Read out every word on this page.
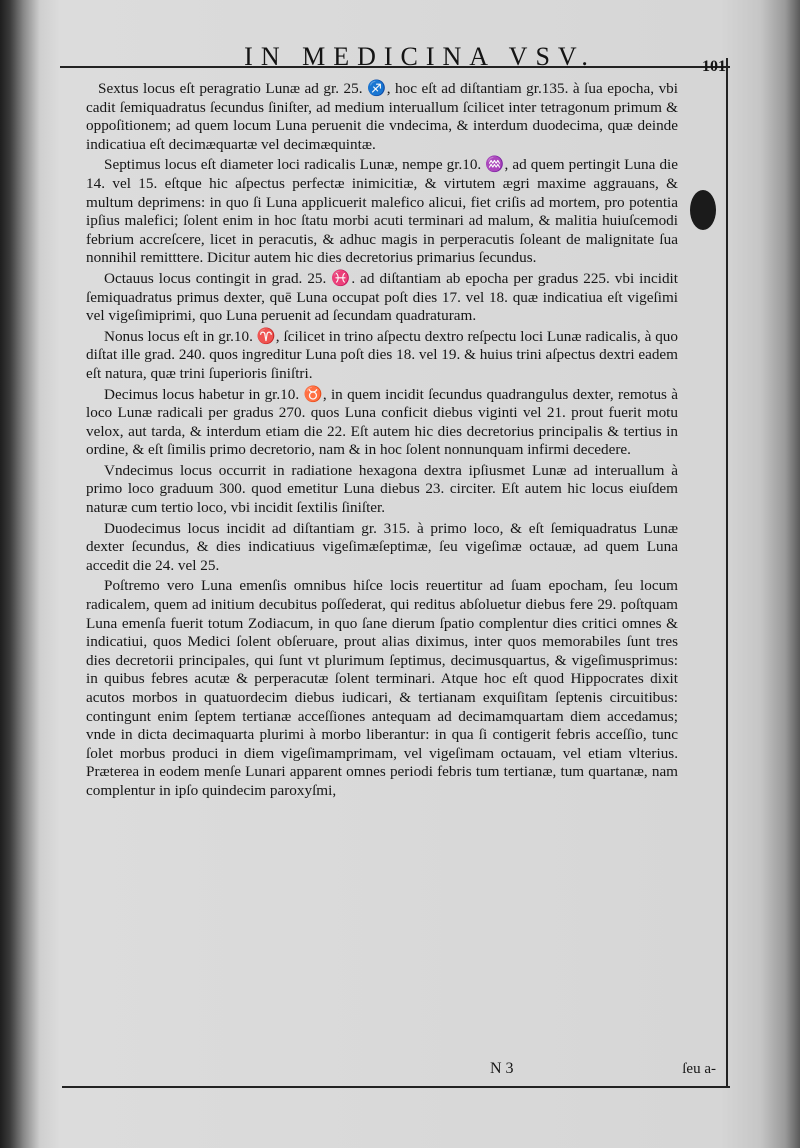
IN MEDICINA VSV.	101

Sextus locus eſt peragratio Lunæ ad gr. 25. ♐, hoc eſt ad diſtantiam gr.135. à ſua epocha, vbi cadit ſemiquadratus ſecundus ſiniſter, ad medium interuallum ſcilicet inter tetragonum primum & oppoſitionem; ad quem locum Luna peruenit die vndecima, & interdum duodecima, quæ deinde indicatiua eſt decimæquartæ vel decimæquintæ.

Septimus locus eſt diameter loci radicalis Lunæ, nempe gr.10. ♒, ad quem pertingit Luna die 14. vel 15. eſtque hic aſpectus perfectæ inimicitiæ, & virtutem ægri maxime aggrauans, & multum deprimens: in quo ſi Luna applicuerit malefico alicui, fiet criſis ad mortem, pro potentia ipſius malefici; ſolent enim in hoc ſtatu morbi acuti terminari ad malum, & malitia huiuſcemodi febrium accreſcere, licet in peracutis, & adhuc magis in perperacutis ſoleant de malignitate ſua nonnihil remitttere. Dicitur autem hic dies decretorius primarius ſecundus.

Octauus locus contingit in grad. 25. ♓. ad diſtantiam ab epocha per gradus 225. vbi incidit ſemiquadratus primus dexter, quē Luna occupat poſt dies 17. vel 18. quæ indicatiua eſt vigeſimi vel vigeſimiprimi, quo Luna peruenit ad ſecundam quadraturam.

Nonus locus eſt in gr.10. ♈, ſcilicet in trino aſpectu dextro reſpectu loci Lunæ radicalis, à quo diſtat ille grad. 240. quos ingreditur Luna poſt dies 18. vel 19. & huius trini aſpectus dextri eadem eſt natura, quæ trini ſuperioris ſiniſtri.

Decimus locus habetur in gr.10. ♉, in quem incidit ſecundus quadrangulus dexter, remotus à loco Lunæ radicali per gradus 270. quos Luna conficit diebus viginti vel 21. prout fuerit motu velox, aut tarda, & interdum etiam die 22. Eſt autem hic dies decretorius principalis & tertius in ordine, & eſt ſimilis primo decretorio, nam & in hoc ſolent nonnunquam infirmi decedere.

Vndecimus locus occurrit in radiatione hexagona dextra ipſiusmet Lunæ ad interuallum à primo loco graduum 300. quod emetitur Luna diebus 23. circiter. Eſt autem hic locus eiuſdem naturæ cum tertio loco, vbi incidit ſextilis ſiniſter.

Duodecimus locus incidit ad diſtantiam gr. 315. à primo loco, & eſt ſemiquadratus Lunæ dexter ſecundus, & dies indicatiuus vigeſimæſeptimæ, ſeu vigeſimæ octauæ, ad quem Luna accedit die 24. vel 25.

Poſtremo vero Luna emenſis omnibus hiſce locis reuertitur ad ſuam epocham, ſeu locum radicalem, quem ad initium decubitus poſſederat, qui reditus abſoluetur diebus fere 29. poſtquam Luna emenſa fuerit totum Zodiacum, in quo ſane dierum ſpatio complentur dies critici omnes & indicatiui, quos Medici ſolent obſeruare, prout alias diximus, inter quos memorabiles ſunt tres dies decretorii principales, qui ſunt vt plurimum ſeptimus, decimusquartus, & vigeſimusprimus: in quibus febres acutæ & perperacutæ ſolent terminari. Atque hoc eſt quod Hippocrates dixit acutos morbos in quatuordecim diebus iudicari, & tertianam exquiſitam ſeptenis circuitibus: contingunt enim ſeptem tertianæ acceſſiones antequam ad decimamquartam diem accedamus; vnde in dicta decimaquarta plurimi à morbo liberantur: in qua ſi contigerit febris acceſſio, tunc ſolet morbus produci in diem vigeſimamprimam, vel vigeſimam octauam, vel etiam vlterius. Præterea in eodem menſe Lunari apparent omnes periodi febris tum tertianæ, tum quartanæ, nam complentur in ipſo quindecim paroxyſmi,

N 3	ſeu a-
